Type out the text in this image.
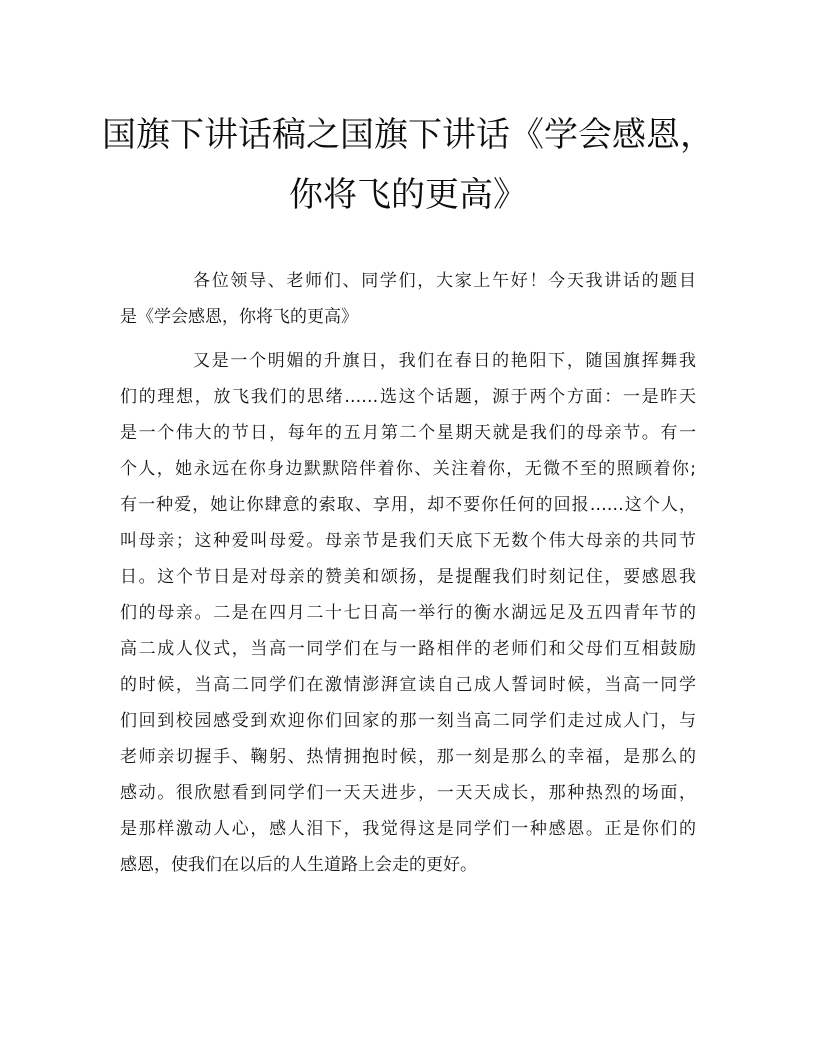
国旗下讲话稿之国旗下讲话《学会感恩，
你将飞的更高》
各位领导、老师们、同学们，大家上午好！今天我讲话的题目
是《学会感恩，你将飞的更高》
又是一个明媚的升旗日，我们在春日的艳阳下，随国旗挥舞我
们的理想，放飞我们的思绪……选这个话题，源于两个方面：一是昨天
是一个伟大的节日，每年的五月第二个星期天就是我们的母亲节。有一
个人，她永远在你身边默默陪伴着你、关注着你，无微不至的照顾着你;
有一种爱，她让你肆意的索取、享用，却不要你任何的回报……这个人，
叫母亲；这种爱叫母爱。母亲节是我们天底下无数个伟大母亲的共同节
日。这个节日是对母亲的赞美和颂扬，是提醒我们时刻记住，要感恩我
们的母亲。二是在四月二十七日高一举行的衡水湖远足及五四青年节的
高二成人仪式，当高一同学们在与一路相伴的老师们和父母们互相鼓励
的时候，当高二同学们在激情澎湃宣读自己成人誓词时候，当高一同学
们回到校园感受到欢迎你们回家的那一刻当高二同学们走过成人门，与
老师亲切握手、鞠躬、热情拥抱时候，那一刻是那么的幸福，是那么的
感动。很欣慰看到同学们一天天进步，一天天成长，那种热烈的场面，
是那样激动人心，感人泪下，我觉得这是同学们一种感恩。正是你们的
感恩，使我们在以后的人生道路上会走的更好。
